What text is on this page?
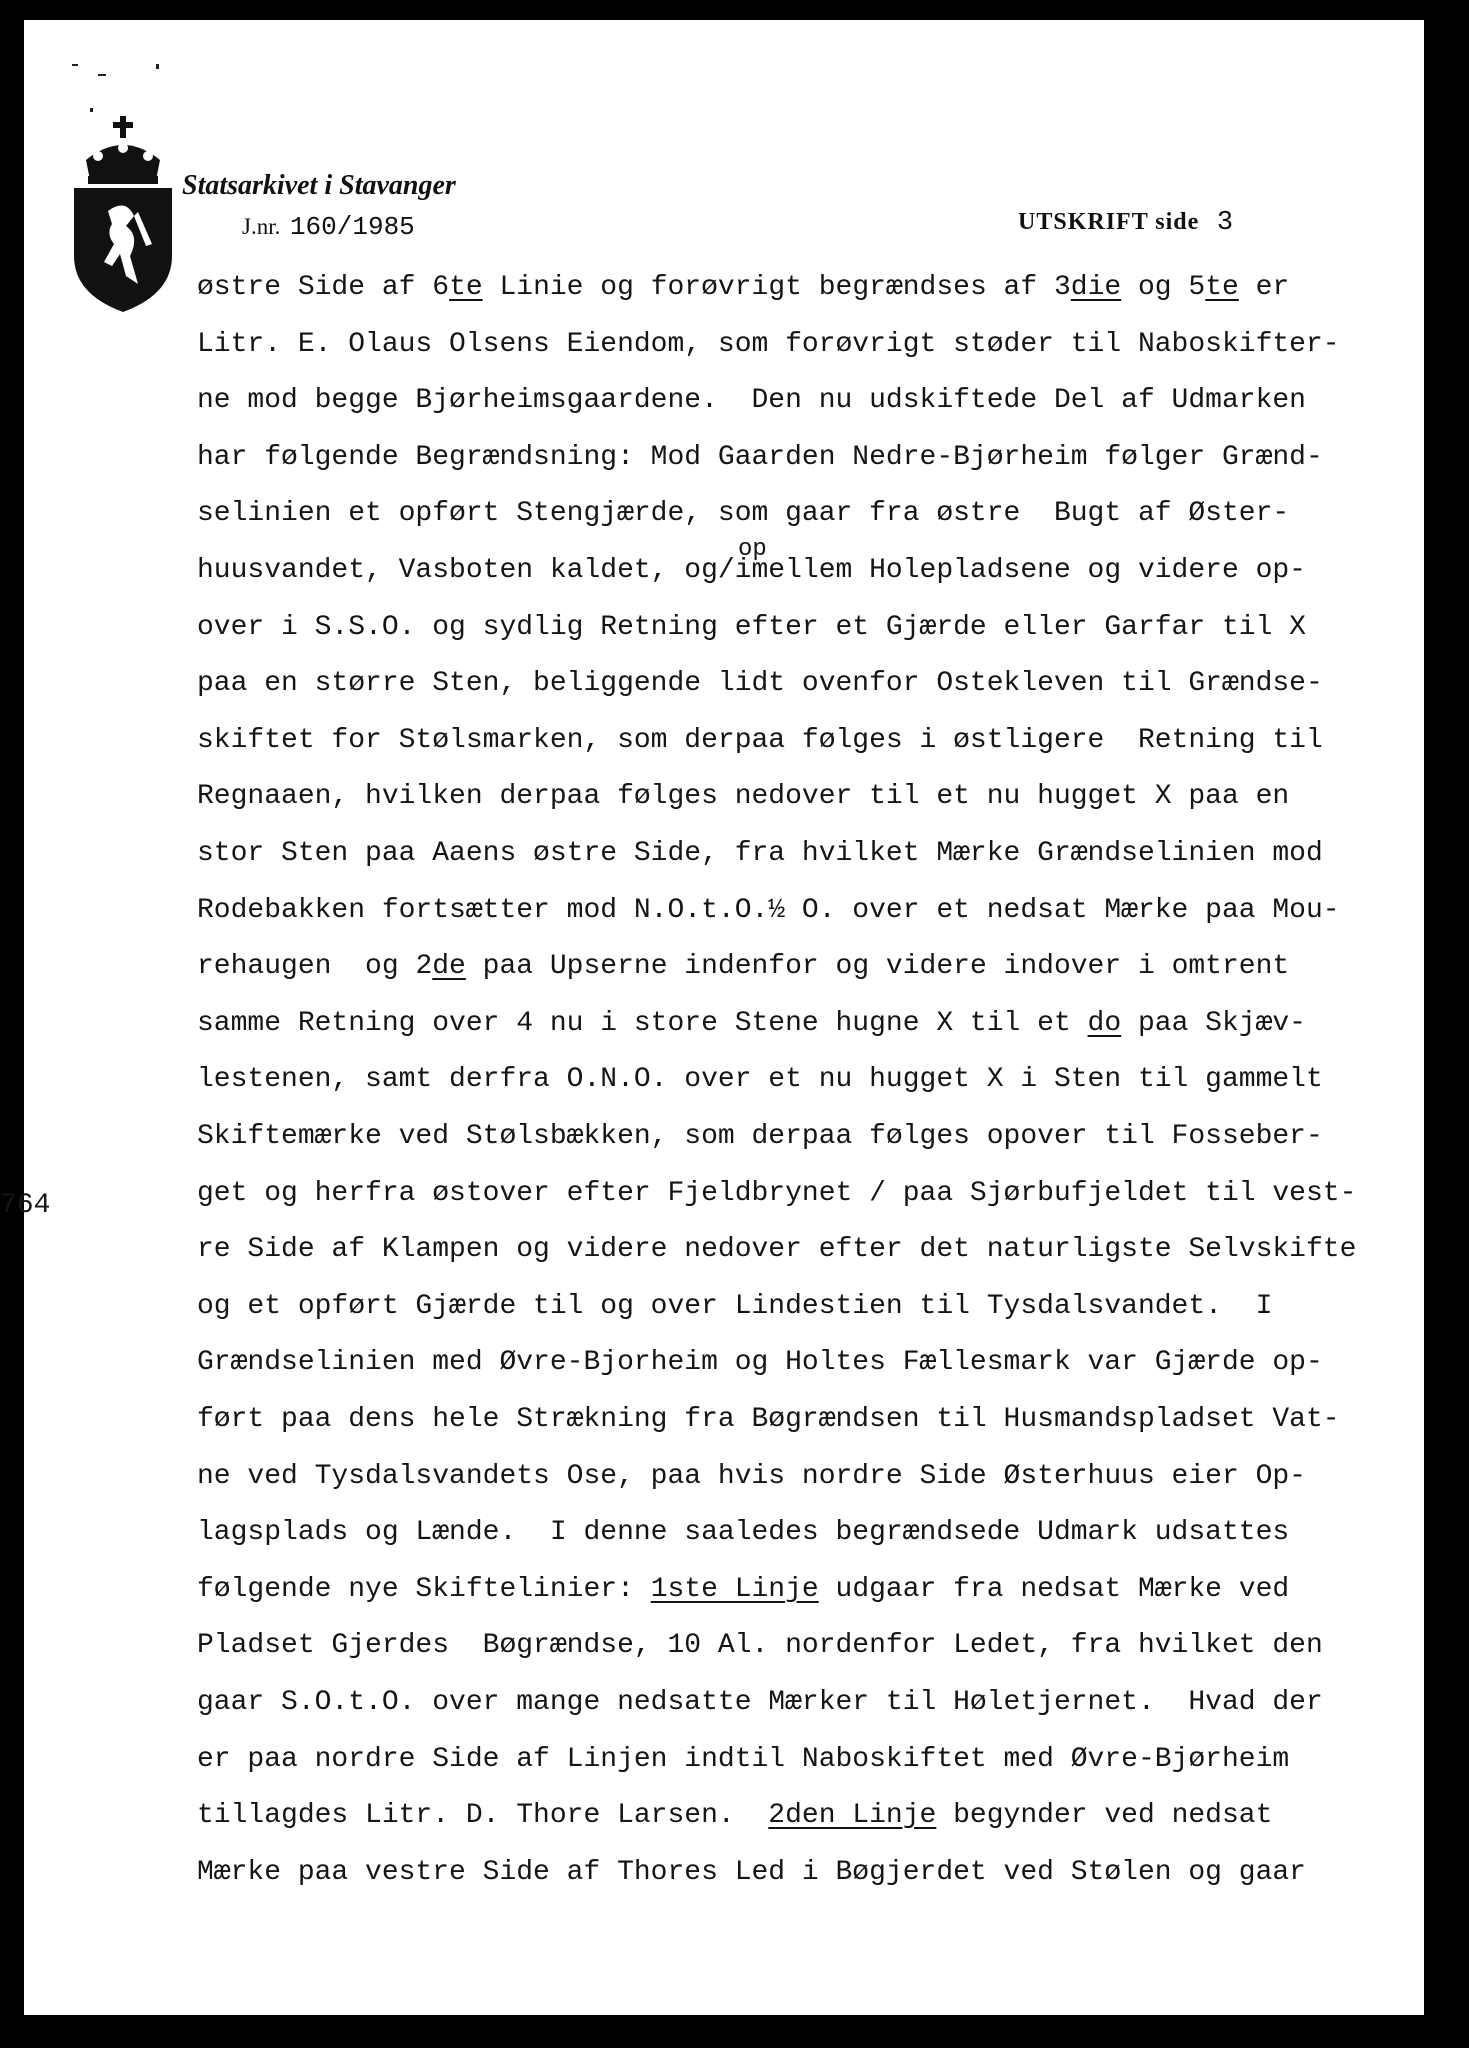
Statsarkivet i Stavanger
J.nr. 160/1985	UTSKRIFT side 3
op
764
østre Side af 6te Linie og forøvrigt begrændses af 3die og 5te er
Litr. E. Olaus Olsens Eiendom, som forøvrigt støder til Naboskifter-
ne mod begge Bjørheimsgaardene.  Den nu udskiftede Del af Udmarken
har følgende Begrændsning: Mod Gaarden Nedre-Bjørheim følger Grænd-
selinien et opført Stengjærde, som gaar fra østre  Bugt af Øster-
huusvandet, Vasboten kaldet, og/imellem Holepladsene og videre op-
over i S.S.O. og sydlig Retning efter et Gjærde eller Garfar til X
paa en større Sten, beliggende lidt ovenfor Ostekleven til Grændse-
skiftet for Stølsmarken, som derpaa følges i østligere  Retning til
Regnaaen, hvilken derpaa følges nedover til et nu hugget X paa en
stor Sten paa Aaens østre Side, fra hvilket Mærke Grændselinien mod
Rodebakken fortsætter mod N.O.t.O.½ O. over et nedsat Mærke paa Mou-
rehaugen  og 2de paa Upserne indenfor og videre indover i omtrent
samme Retning over 4 nu i store Stene hugne X til et do paa Skjæv-
lestenen, samt derfra O.N.O. over et nu hugget X i Sten til gammelt
Skiftemærke ved Stølsbækken, som derpaa følges opover til Fosseber-
get og herfra østover efter Fjeldbrynet / paa Sjørbufjeldet til vest-
re Side af Klampen og videre nedover efter det naturligste Selvskifte
og et opført Gjærde til og over Lindestien til Tysdalsvandet.  I
Grændselinien med Øvre-Bjorheim og Holtes Fællesmark var Gjærde op-
ført paa dens hele Strækning fra Bøgrændsen til Husmandspladset Vat-
ne ved Tysdalsvandets Ose, paa hvis nordre Side Østerhuus eier Op-
lagsplads og Lænde.  I denne saaledes begrændsede Udmark udsattes
følgende nye Skiftelinier: 1ste Linje udgaar fra nedsat Mærke ved
Pladset Gjerdes  Bøgrændse, 10 Al. nordenfor Ledet, fra hvilket den
gaar S.O.t.O. over mange nedsatte Mærker til Høletjernet.  Hvad der
er paa nordre Side af Linjen indtil Naboskiftet med Øvre-Bjørheim
tillagdes Litr. D. Thore Larsen.  2den Linje begynder ved nedsat
Mærke paa vestre Side af Thores Led i Bøgjerdet ved Stølen og gaar
